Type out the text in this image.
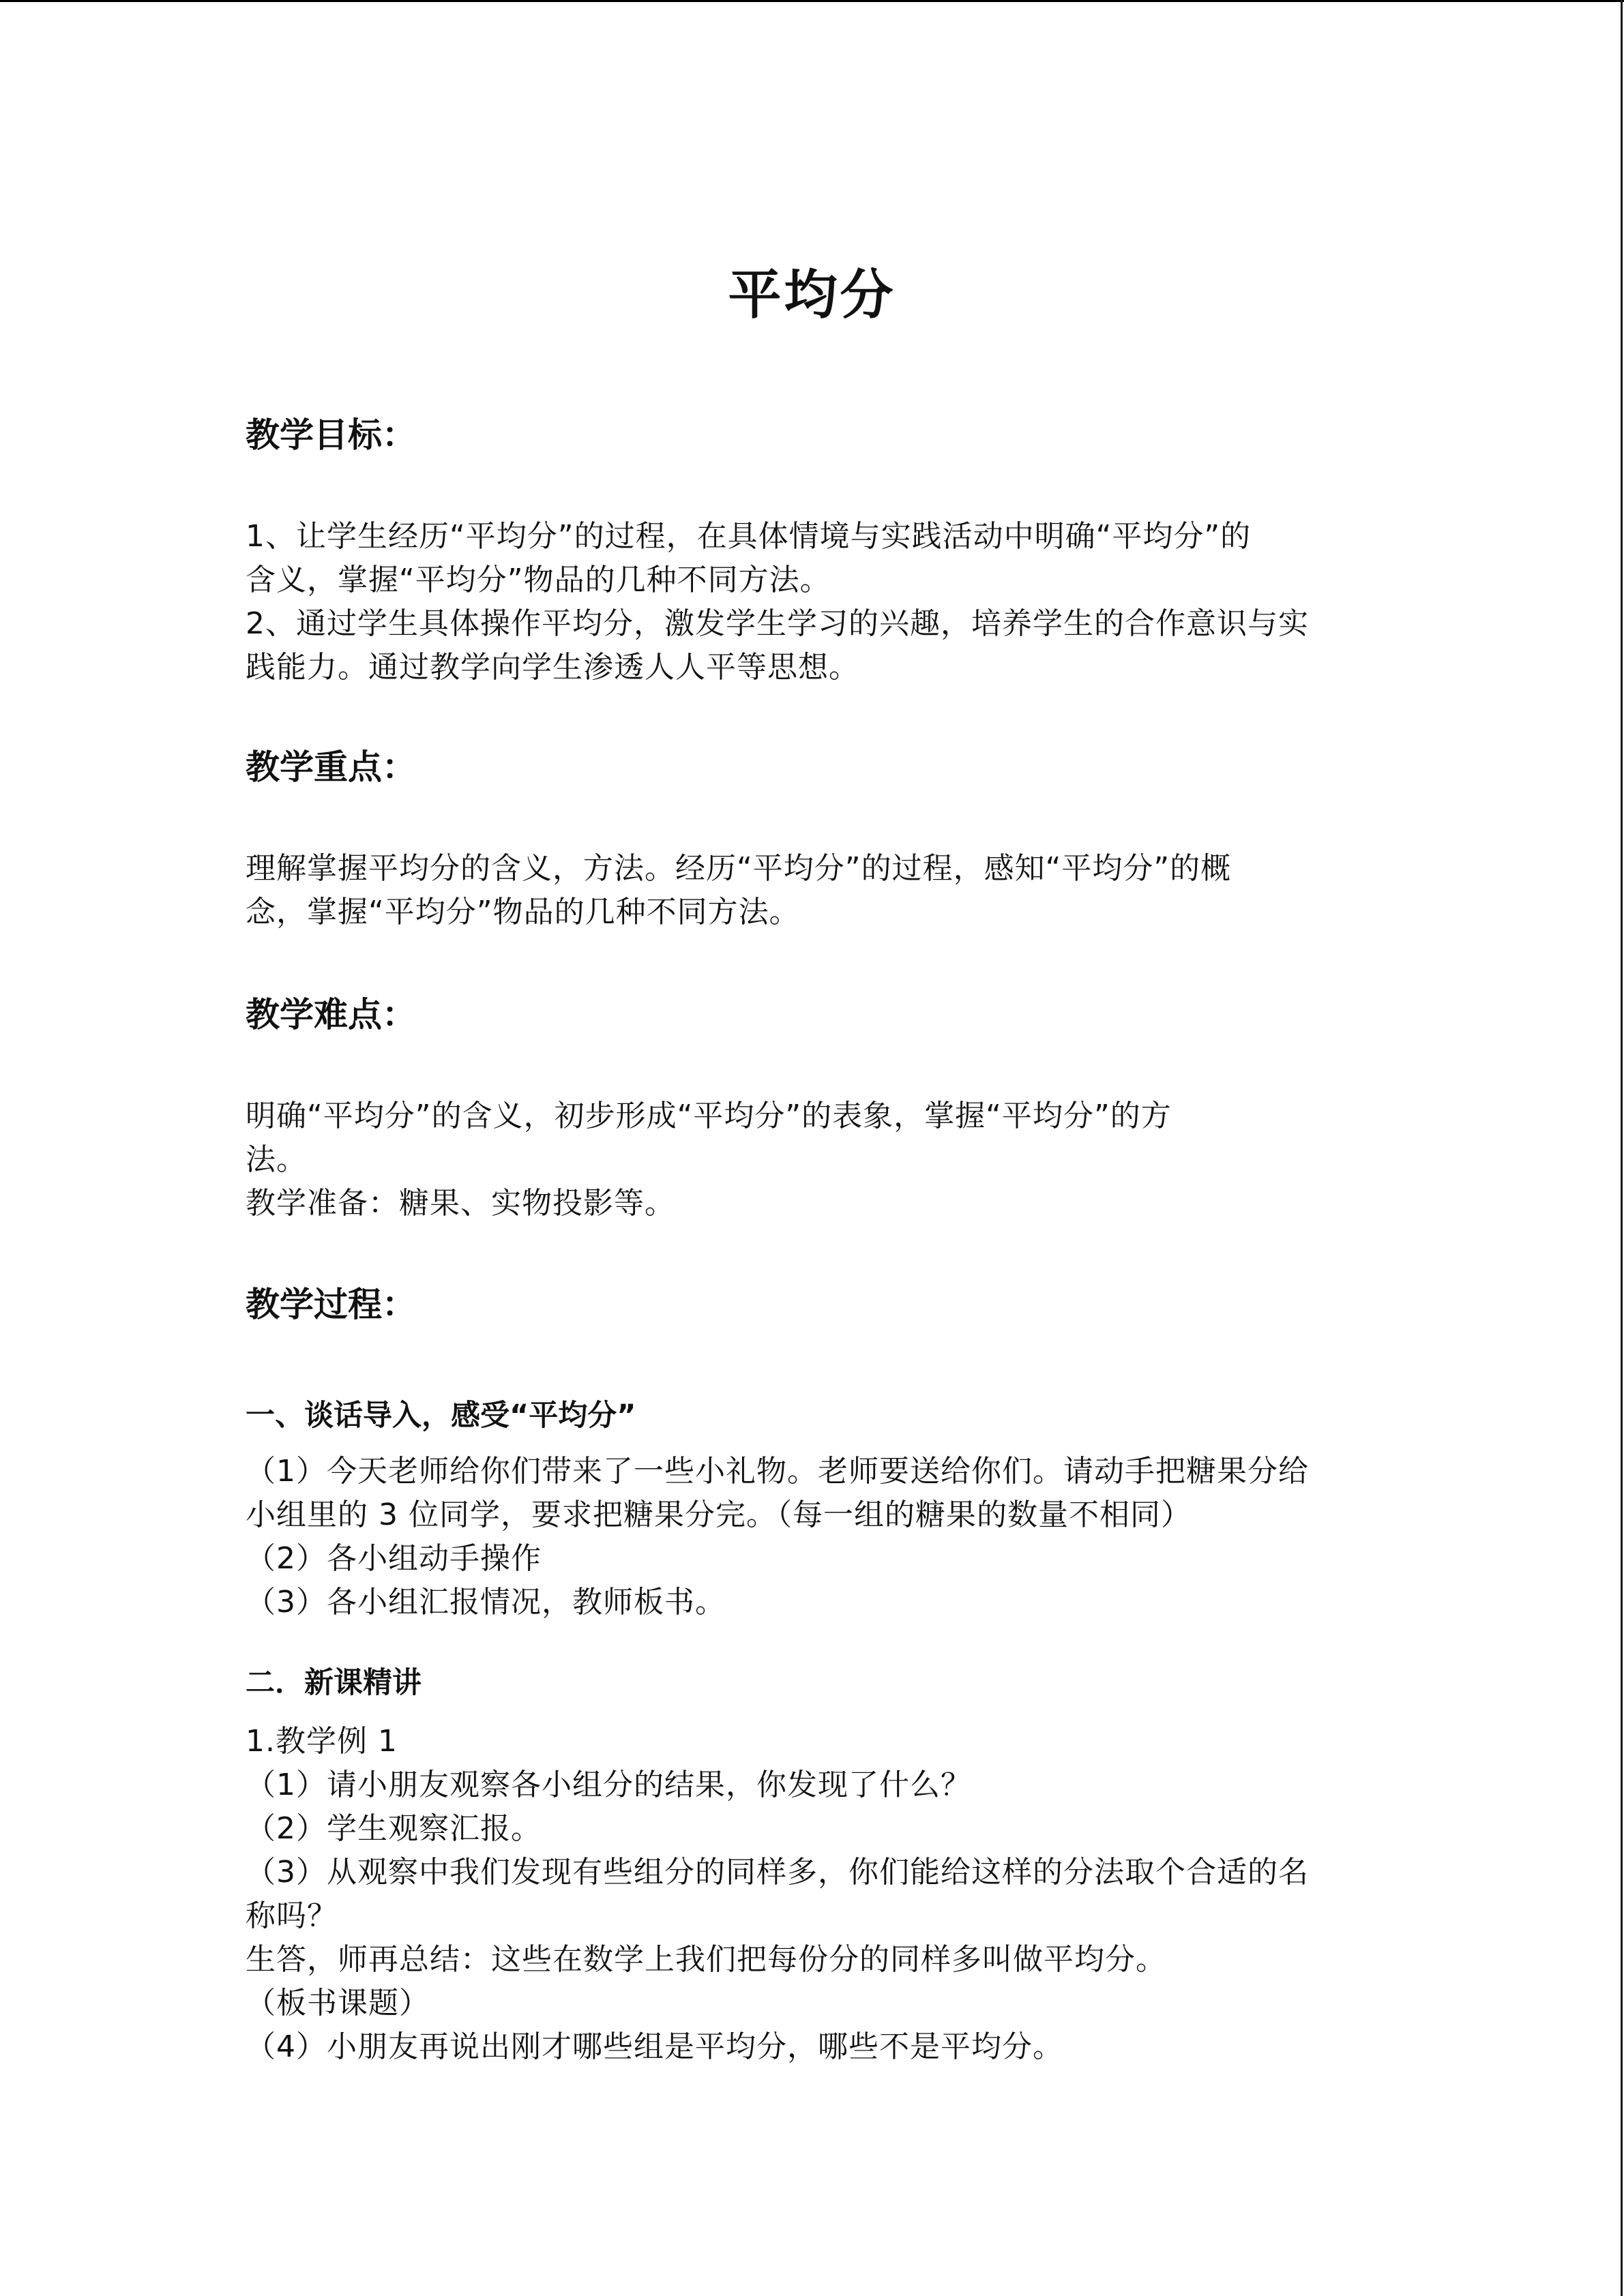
平均分
教学目标：
1、让学生经历“平均分”的过程，在具体情境与实践活动中明确“平均分”的
含义，掌握“平均分”物品的几种不同方法。
2、通过学生具体操作平均分，激发学生学习的兴趣，培养学生的合作意识与实
践能力。通过教学向学生渗透人人平等思想。
教学重点：
理解掌握平均分的含义，方法。经历“平均分”的过程，感知“平均分”的概
念，掌握“平均分”物品的几种不同方法。
教学难点：
明确“平均分”的含义，初步形成“平均分”的表象，掌握“平均分”的方
法。
教学准备：糖果、实物投影等。
教学过程：
一、谈话导入，感受“平均分”
（1）今天老师给你们带来了一些小礼物。老师要送给你们。请动手把糖果分给
小组里的 3 位同学，要求把糖果分完。（每一组的糖果的数量不相同）
（2）各小组动手操作
（3）各小组汇报情况，教师板书。
二．新课精讲
1.教学例 1
（1）请小朋友观察各小组分的结果，你发现了什么？
（2）学生观察汇报。
（3）从观察中我们发现有些组分的同样多，你们能给这样的分法取个合适的名
称吗？
生答，师再总结：这些在数学上我们把每份分的同样多叫做平均分。
（板书课题）
（4）小朋友再说出刚才哪些组是平均分，哪些不是平均分。
